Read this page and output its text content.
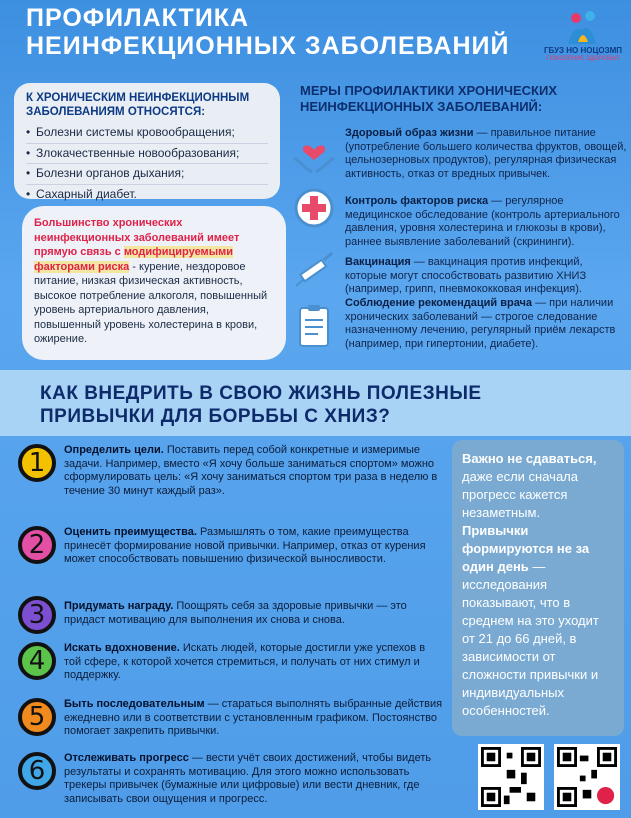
ПРОФИЛАКТИКА
НЕИНФЕКЦИОННЫХ ЗАБОЛЕВАНИЙ	ГБУЗ НО НОЦОЗМП
ПОКОЛЕНИЕ ЗДОРОВЬЯ
К ХРОНИЧЕСКИМ НЕИНФЕКЦИОННЫМ ЗАБОЛЕВАНИЯМ ОТНОСЯТСЯ:
• Болезни системы кровообращения;
• Злокачественные новообразования;
• Болезни органов дыхания;
• Сахарный диабет.
Большинство хронических неинфекционных заболеваний имеет прямую связь с модифицируемыми факторами риска - курение, нездоровое питание, низкая физическая активность, высокое потребление алкоголя, повышенный уровень артериального давления, повышенный уровень холестерина в крови, ожирение.
МЕРЫ ПРОФИЛАКТИКИ ХРОНИЧЕСКИХ НЕИНФЕКЦИОННЫХ ЗАБОЛЕВАНИЙ:
Здоровый образ жизни — правильное питание (употребление большего количества фруктов, овощей, цельнозерновых продуктов), регулярная физическая активность, отказ от вредных привычек.
Контроль факторов риска — регулярное медицинское обследование (контроль артериального давления, уровня холестерина и глюкозы в крови), раннее выявление заболеваний (скрининги).
Вакцинация — вакцинация против инфекций, которые могут способствовать развитию ХНИЗ (например, грипп, пневмококковая инфекция).
Соблюдение рекомендаций врача — при наличии хронических заболеваний — строгое следование назначенному лечению, регулярный приём лекарств (например, при гипертонии, диабете).
КАК ВНЕДРИТЬ В СВОЮ ЖИЗНЬ ПОЛЕЗНЫЕ
ПРИВЫЧКИ ДЛЯ БОРЬБЫ С ХНИЗ?
1	Определить цели. Поставить перед собой конкретные и измеримые задачи. Например, вместо «Я хочу больше заниматься спортом» можно сформулировать цель: «Я хочу заниматься спортом три раза в неделю в течение 30 минут каждый раз».
2	Оценить преимущества. Размышлять о том, какие преимущества принесёт формирование новой привычки. Например, отказ от курения может способствовать повышению физической выносливости.
3	Придумать награду. Поощрять себя за здоровые привычки — это придаст мотивацию для выполнения их снова и снова.
4	Искать вдохновение. Искать людей, которые достигли уже успехов в той сфере, к которой хочется стремиться, и получать от них стимул и поддержку.
5	Быть последовательным — стараться выполнять выбранные действия ежедневно или в соответствии с установленным графиком. Постоянство помогает закрепить привычки.
6	Отслеживать прогресс — вести учёт своих достижений, чтобы видеть результаты и сохранять мотивацию. Для этого можно использовать трекеры привычек (бумажные или цифровые) или вести дневник, где записывать свои ощущения и прогресс.
Важно не сдаваться, даже если сначала прогресс кажется незаметным.
Привычки формируются не за один день — исследования показывают, что в среднем на это уходит от 21 до 66 дней, в зависимости от сложности привычки и индивидуальных особенностей.
